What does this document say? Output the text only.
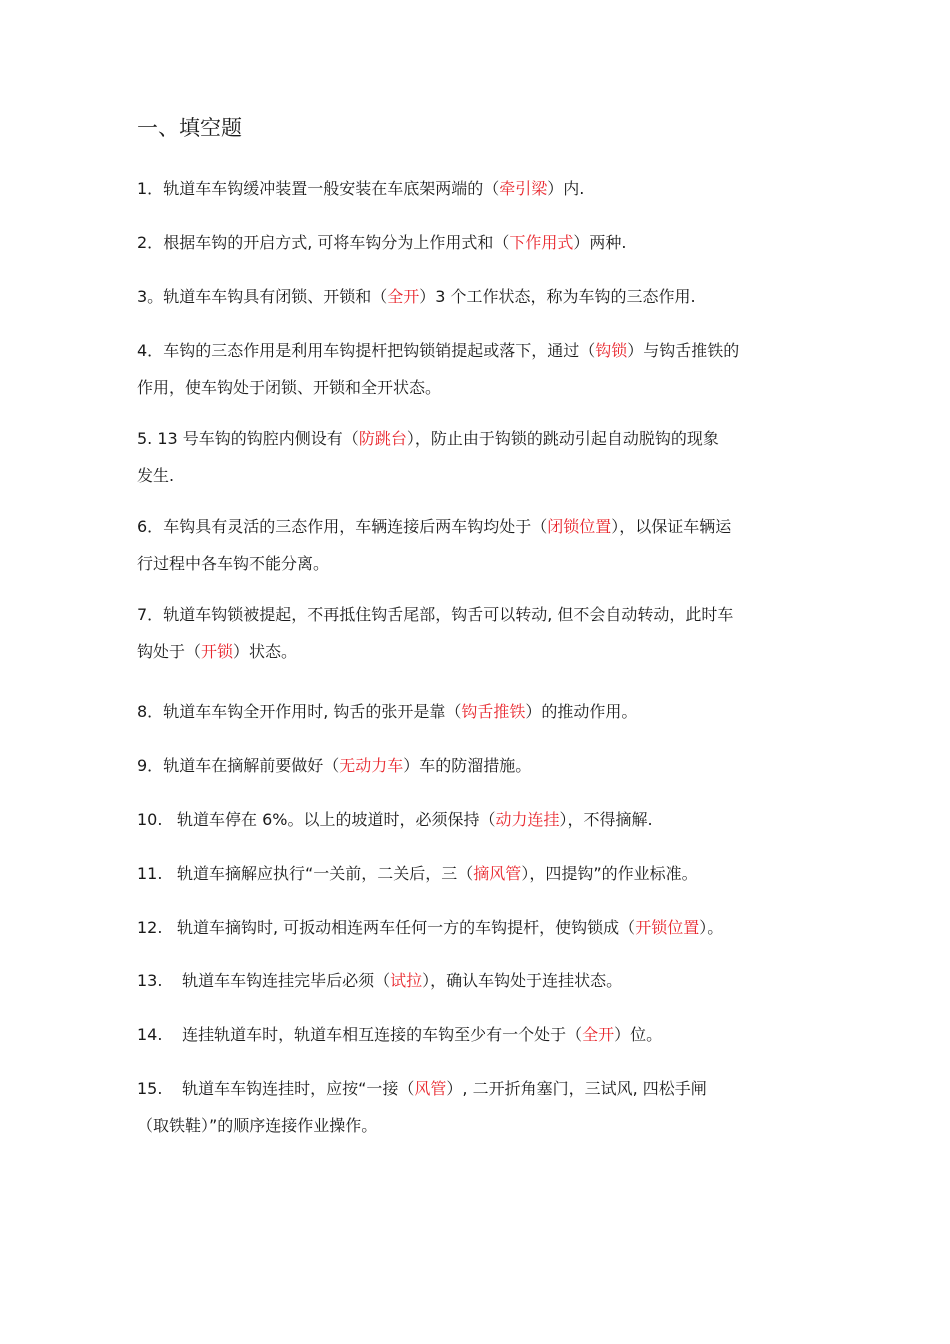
一、填空题
1．轨道车车钩缓冲装置一般安装在车底架两端的（牵引梁）内.
2．根据车钩的开启方式, 可将车钩分为上作用式和（下作用式）两种.
3。轨道车车钩具有闭锁、开锁和（全开）3 个工作状态，称为车钩的三态作用.
4．车钩的三态作用是利用车钩提杆把钩锁销提起或落下，通过（钩锁）与钩舌推铁的
作用，使车钩处于闭锁、开锁和全开状态。
5. 13 号车钩的钩腔内侧设有（防跳台），防止由于钩锁的跳动引起自动脱钩的现象
发生.
6．车钩具有灵活的三态作用，车辆连接后两车钩均处于（闭锁位置），以保证车辆运
行过程中各车钩不能分离。
7．轨道车钩锁被提起，不再抵住钩舌尾部，钩舌可以转动, 但不会自动转动，此时车
钩处于（开锁）状态。
8．轨道车车钩全开作用时, 钩舌的张开是靠（钩舌推铁）的推动作用。
9．轨道车在摘解前要做好（无动力车）车的防溜措施。
10. 轨道车停在 6%。以上的坡道时，必须保持（动力连挂），不得摘解.
11. 轨道车摘解应执行“一关前，二关后，三（摘风管），四提钩”的作业标准。
12. 轨道车摘钩时, 可扳动相连两车任何一方的车钩提杆，使钩锁成（开锁位置）。
13. 轨道车车钩连挂完毕后必须（试拉），确认车钩处于连挂状态。
14. 连挂轨道车时，轨道车相互连接的车钩至少有一个处于（全开）位。
15. 轨道车车钩连挂时，应按“一接（风管）, 二开折角塞门，三试风, 四松手闸
（取铁鞋）”的顺序连接作业操作。
